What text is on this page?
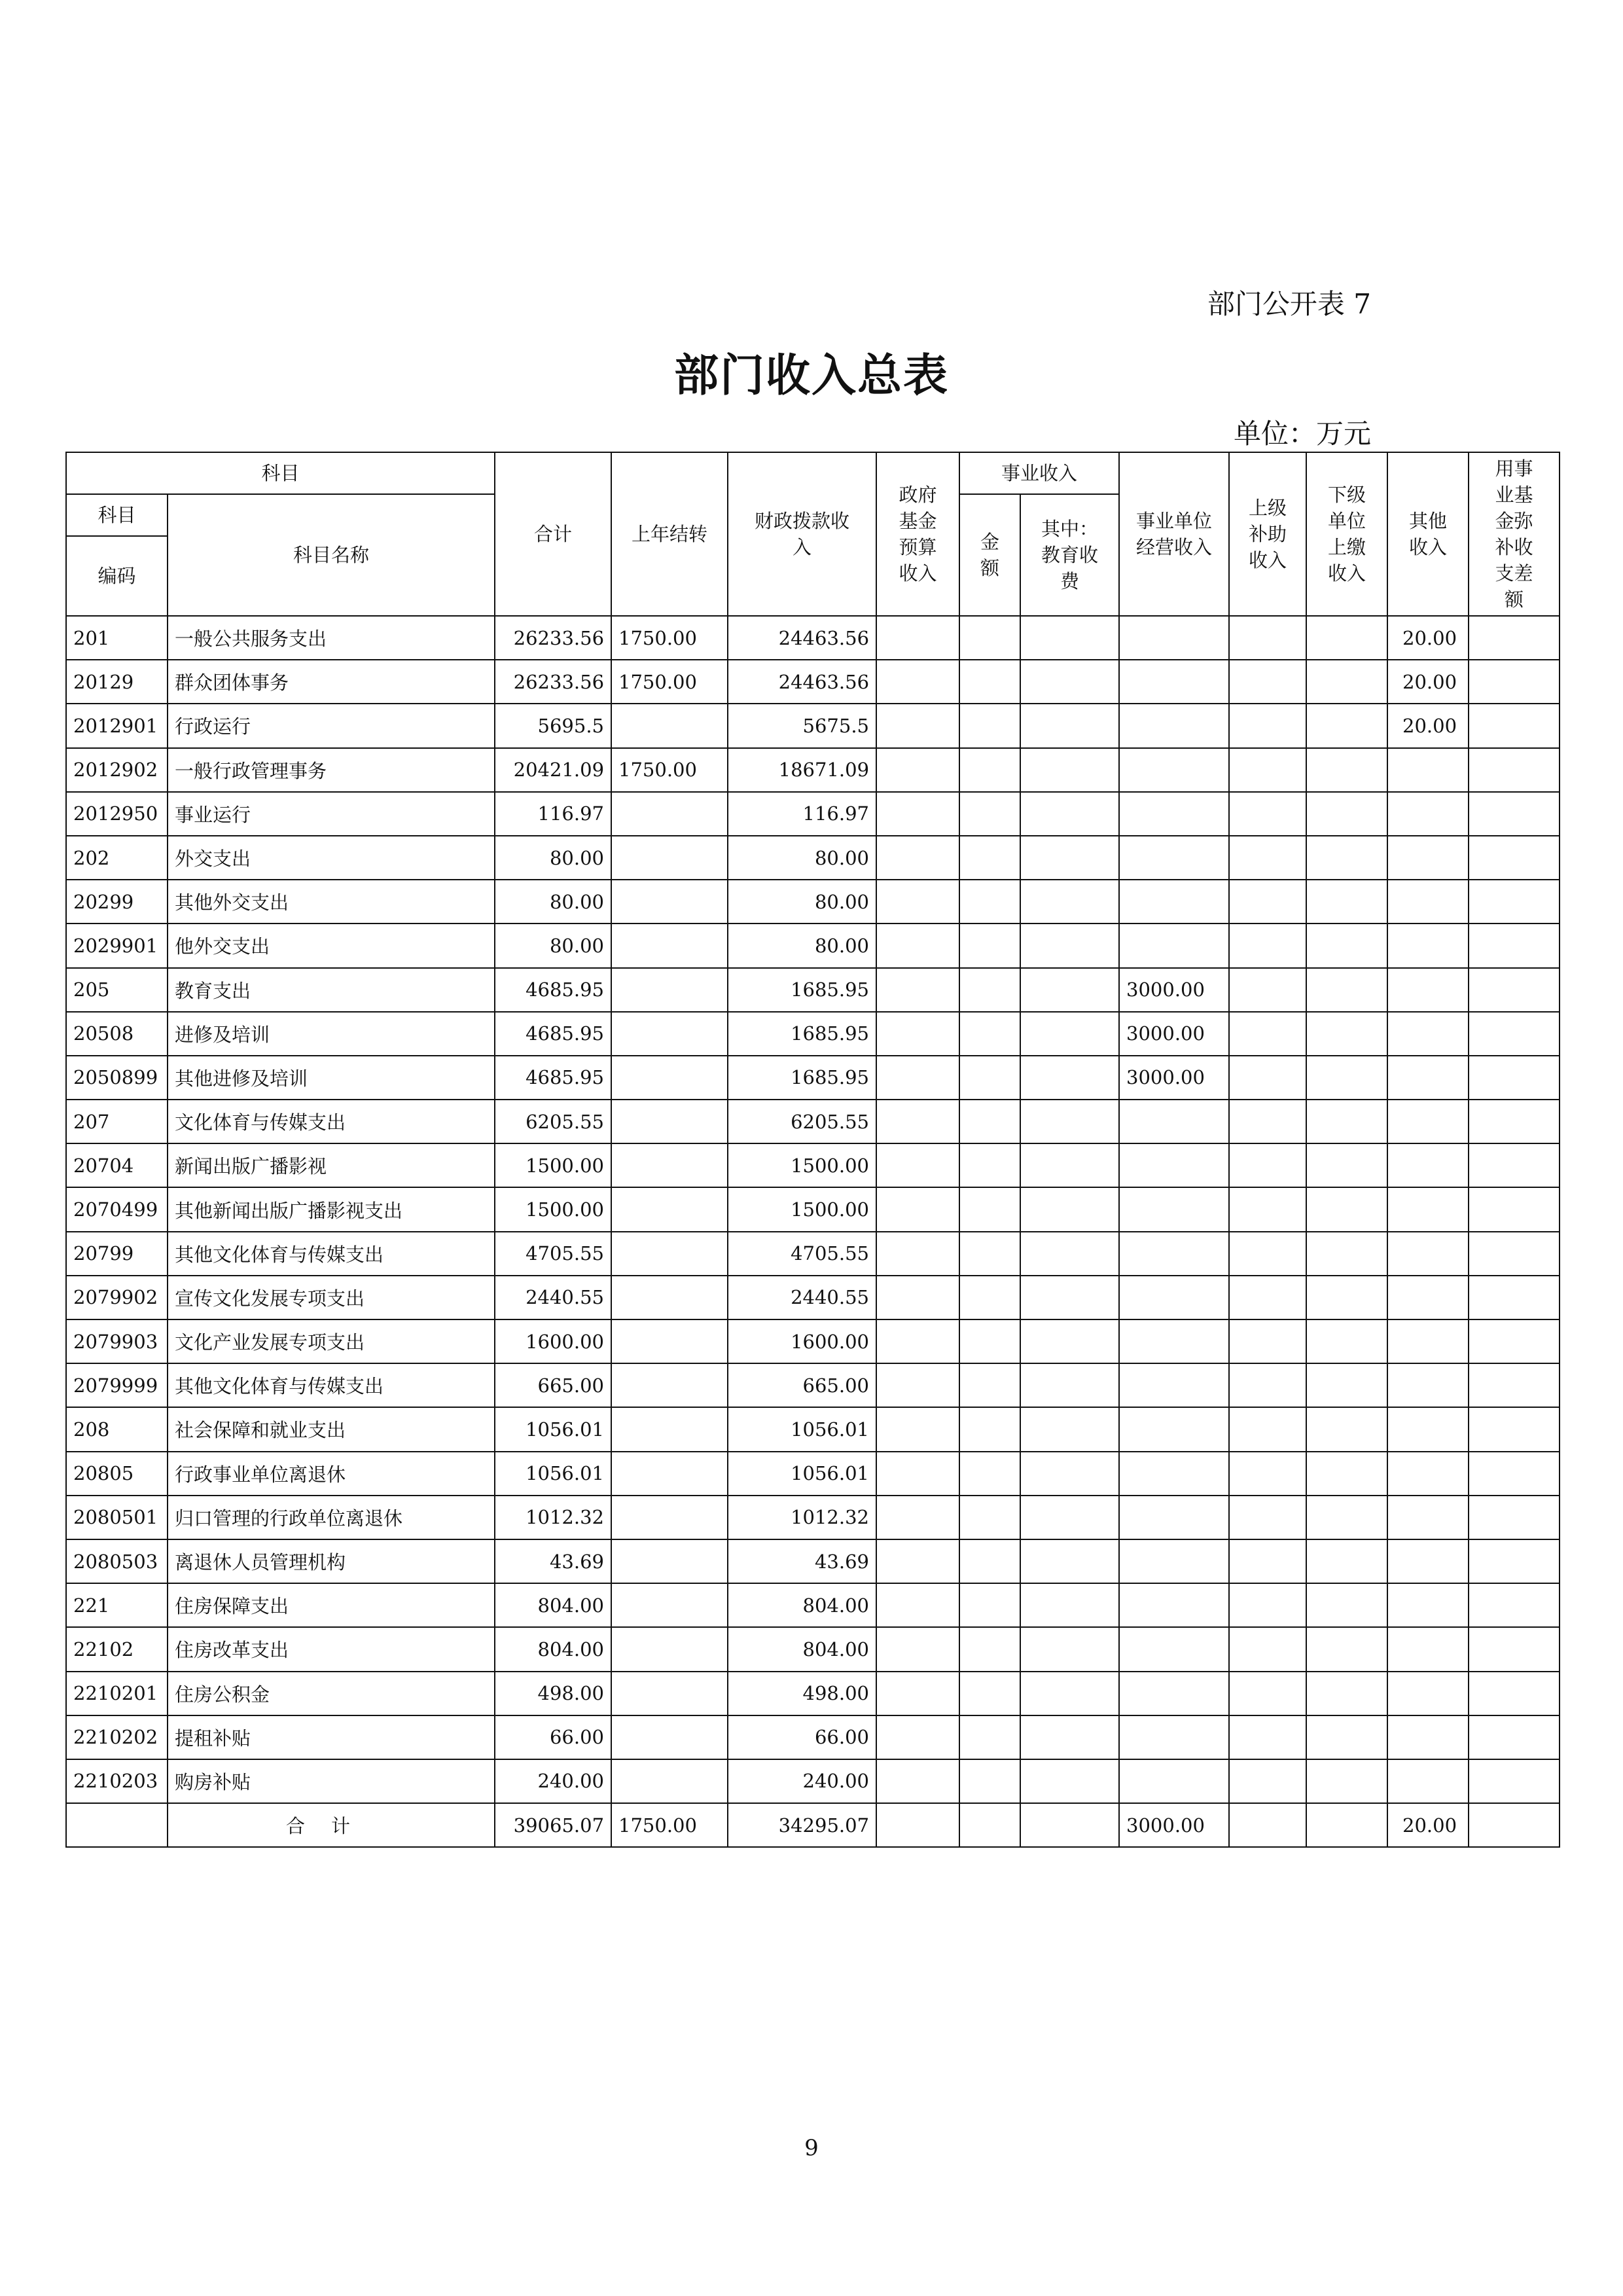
部门公开表 7
部门收入总表
单位：万元
科目		合计	上年结转	财政拨款收入	政府基金预算收入	事业收入		事业单位经营收入	上级补助收入	下级单位上缴收入	其他收入	用事业基金弥补收支差额
科目	科目名称					金额	其中：教育收费					
编码												
201	一般公共服务支出	26233.56	1750.00	24463.56							20.00	
20129	群众团体事务	26233.56	1750.00	24463.56							20.00	
2012901	行政运行	5695.5		5675.5							20.00	
2012902	一般行政管理事务	20421.09	1750.00	18671.09								
2012950	事业运行	116.97		116.97								
202	外交支出	80.00		80.00								
20299	其他外交支出	80.00		80.00								
2029901	他外交支出	80.00		80.00								
205	教育支出	4685.95		1685.95				3000.00				
20508	进修及培训	4685.95		1685.95				3000.00				
2050899	其他进修及培训	4685.95		1685.95				3000.00				
207	文化体育与传媒支出	6205.55		6205.55								
20704	新闻出版广播影视	1500.00		1500.00								
2070499	其他新闻出版广播影视支出	1500.00		1500.00								
20799	其他文化体育与传媒支出	4705.55		4705.55								
2079902	宣传文化发展专项支出	2440.55		2440.55								
2079903	文化产业发展专项支出	1600.00		1600.00								
2079999	其他文化体育与传媒支出	665.00		665.00								
208	社会保障和就业支出	1056.01		1056.01								
20805	行政事业单位离退休	1056.01		1056.01								
2080501	归口管理的行政单位离退休	1012.32		1012.32								
2080503	离退休人员管理机构	43.69		43.69								
221	住房保障支出	804.00		804.00								
22102	住房改革支出	804.00		804.00								
2210201	住房公积金	498.00		498.00								
2210202	提租补贴	66.00		66.00								
2210203	购房补贴	240.00		240.00								
	合计	39065.07	1750.00	34295.07				3000.00			20.00	
9
